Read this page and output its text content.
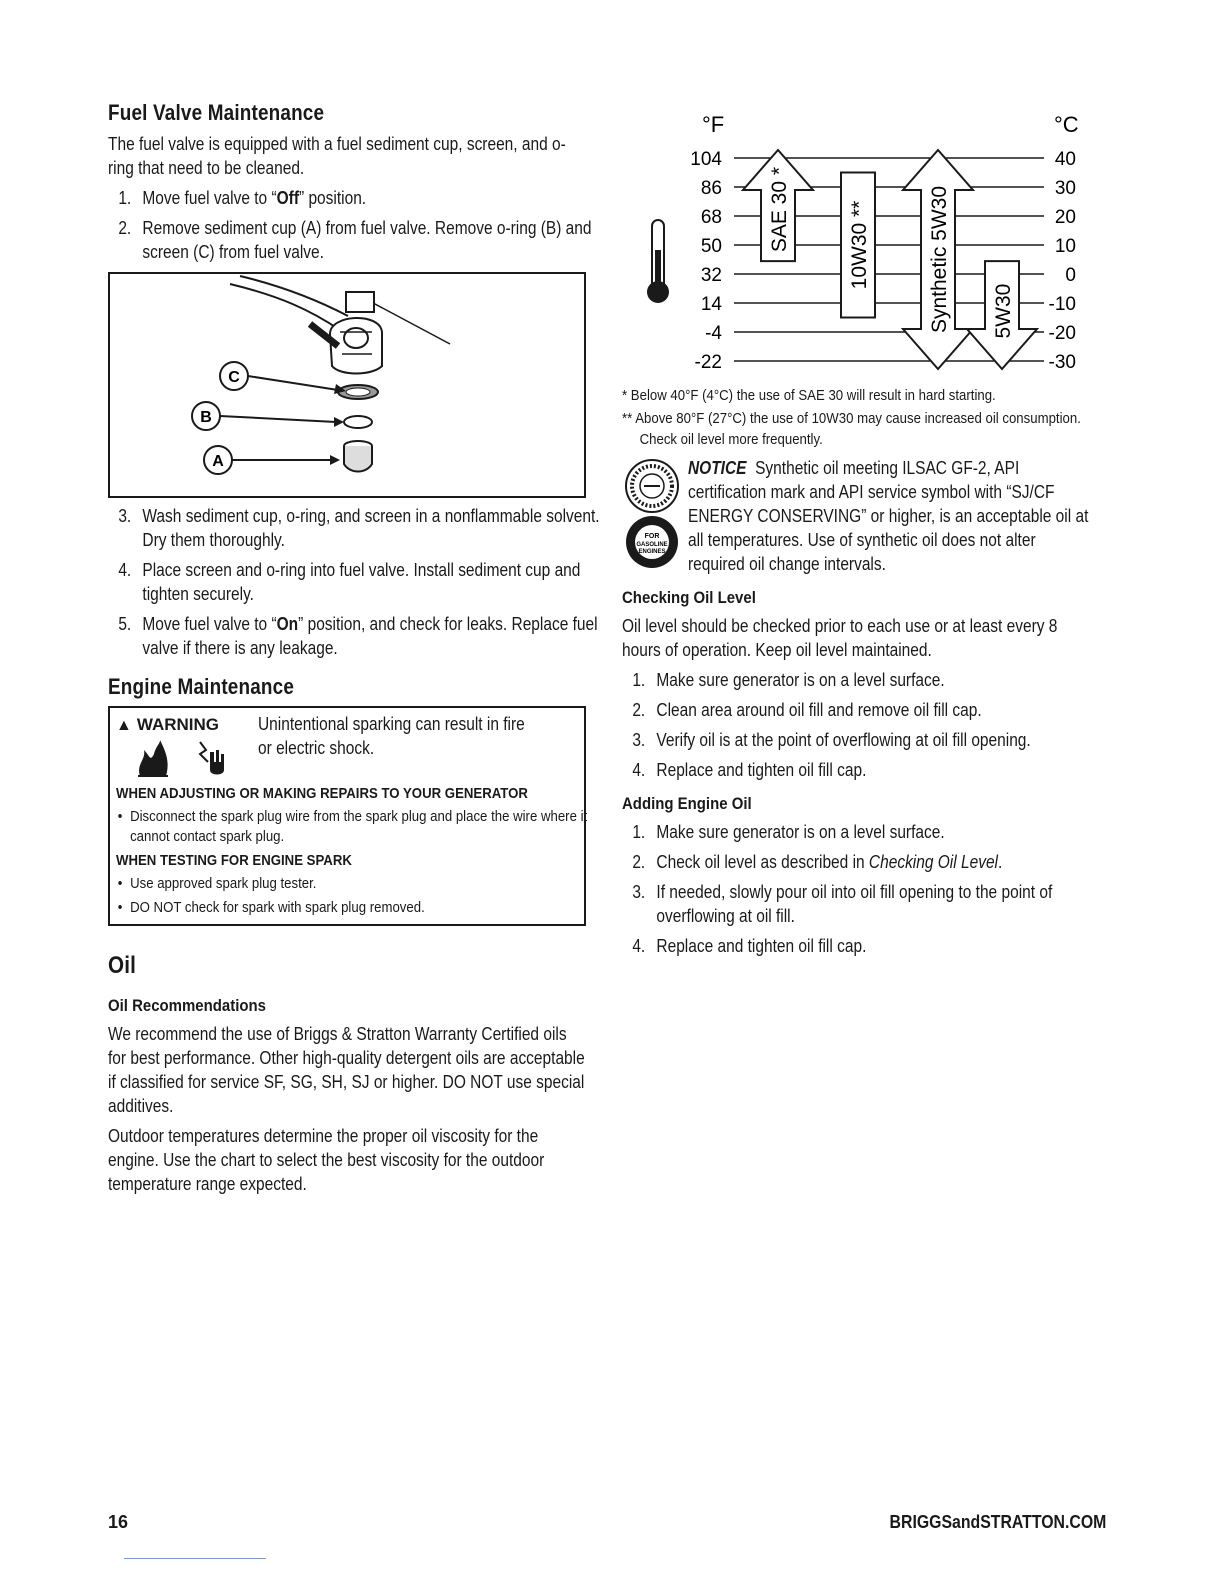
Fuel Valve Maintenance

The fuel valve is equipped with a fuel sediment cup, screen, and o-ring that need to be cleaned.

1. Move fuel valve to “Off” position.
2. Remove sediment cup (A) from fuel valve. Remove o-ring (B) and screen (C) from fuel valve.
C
B
A
3. Wash sediment cup, o-ring, and screen in a nonflammable solvent. Dry them thoroughly.
4. Place screen and o-ring into fuel valve. Install sediment cup and tighten securely.
5. Move fuel valve to “On” position, and check for leaks. Replace fuel valve if there is any leakage.
Engine Maintenance
▲ WARNING	Unintentional sparking can result in fire or electric shock.
WHEN ADJUSTING OR MAKING REPAIRS TO YOUR GENERATOR
• Disconnect the spark plug wire from the spark plug and place the wire where it cannot contact spark plug.
WHEN TESTING FOR ENGINE SPARK
• Use approved spark plug tester.
• DO NOT check for spark with spark plug removed.
Oil
Oil Recommendations

We recommend the use of Briggs & Stratton Warranty Certified oils for best performance. Other high-quality detergent oils are acceptable if classified for service SF, SG, SH, SJ or higher. DO NOT use special additives.

Outdoor temperatures determine the proper oil viscosity for the engine. Use the chart to select the best viscosity for the outdoor temperature range expected.

°F	°C
104	40
86	30
68	20
50	10
32	0
14	-10
-4	-20
-22	-30
SAE 30 *	10W30 **	Synthetic 5W30 5W30
* Below 40°F (4°C) the use of SAE 30 will result in hard starting.
** Above 80°F (27°C) the use of 10W30 may cause increased oil consumption. Check oil level more frequently.
FOR
GASOLINE
ENGINES

NOTICE Synthetic oil meeting ILSAC GF-2, API certification mark and API service symbol with “SJ/CF ENERGY CONSERVING” or higher, is an acceptable oil at all temperatures. Use of synthetic oil does not alter required oil change intervals.

Checking Oil Level

Oil level should be checked prior to each use or at least every 8 hours of operation. Keep oil level maintained.

1. Make sure generator is on a level surface.
2. Clean area around oil fill and remove oil fill cap.
3. Verify oil is at the point of overflowing at oil fill opening.
4. Replace and tighten oil fill cap.
Adding Engine Oil
1. Make sure generator is on a level surface.
2. Check oil level as described in Checking Oil Level.
3. If needed, slowly pour oil into oil fill opening to the point of overflowing at oil fill.
4. Replace and tighten oil fill cap.
16	BRIGGSandSTRATTON.COM
